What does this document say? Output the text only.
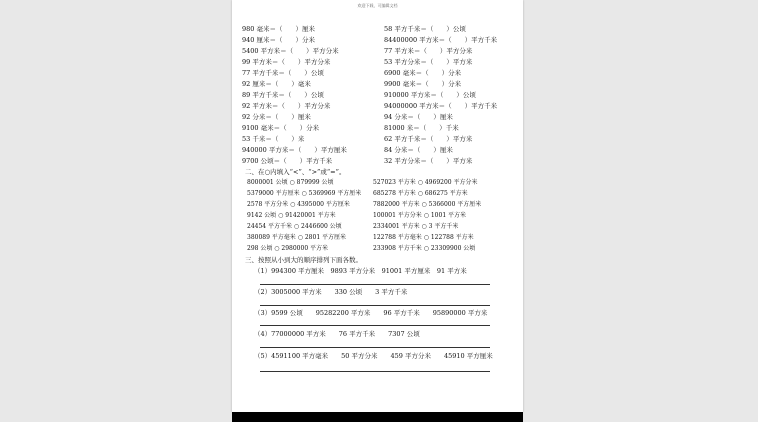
欢迎下载，可编辑文档
980 毫米＝（　　）厘米	58 平方千米＝（　　）公顷
940 厘米＝（　　）分米	84400000 平方米＝（　　）平方千米
5400 平方米＝（　　）平方分米	77 平方米＝（　　）平方分米
99 平方米＝（　　）平方分米	53 平方分米＝（　　）平方米
77 平方千米＝（　　）公顷	6900 毫米＝（　　）分米
92 厘米＝（　　）毫米	9900 毫米＝（　　）分米
89 平方千米＝（　　）公顷	910000 平方米＝（　　）公顷
92 平方米＝（　　）平方分米	94000000 平方米＝（　　）平方千米
92 分米＝（　　）厘米	94 分米＝（　　）厘米
9100 毫米＝（　　）分米	81000 米＝（　　）千米
53 千米＝（　　）米	62 平方千米＝（　　）平方米
940000 平方米＝（　　）平方厘米	84 分米＝（　　）厘米
9700 公顷＝（　　）平方千米	32 平方分米＝（　　）平方米
二、在○内填入“<”、“>”或“=”。
8000001 公顷 ○ 879999 公顷	527023 平方米 ○ 4969200 平方分米
5379000 平方厘米 ○ 5369969 平方厘米 685278 平方米 ○ 686275 平方米
2578 平方分米 ○ 4395000 平方厘米	7882000 平方米 ○ 5366000 平方厘米
9142 公顷 ○ 91420001 平方米	100001 平方分米 ○ 1001 平方米
24454 平方千米 ○ 2446600 公顷	2334001 平方米 ○ 3 平方千米
380089 平方毫米 ○ 2801 平方厘米	122788 平方毫米 ○ 122788 平方米
298 公顷 ○ 2980000 平方米	233908 平方千米 ○ 23309900 公顷
三、按照从小到大的顺序排列下面各数。
（1）994300 平方厘米　9893 平方分米　91001 平方厘米　91 平方米
（2）3005000 平方米　　330 公顷　　3 平方千米
（3）9599 公顷　　95282200 平方米　　96 平方千米　　95890000 平方米
（4）77000000 平方米　　76 平方千米　　7307 公顷
（5）4591100 平方毫米　　50 平方分米　　459 平方分米　　45910 平方厘米
